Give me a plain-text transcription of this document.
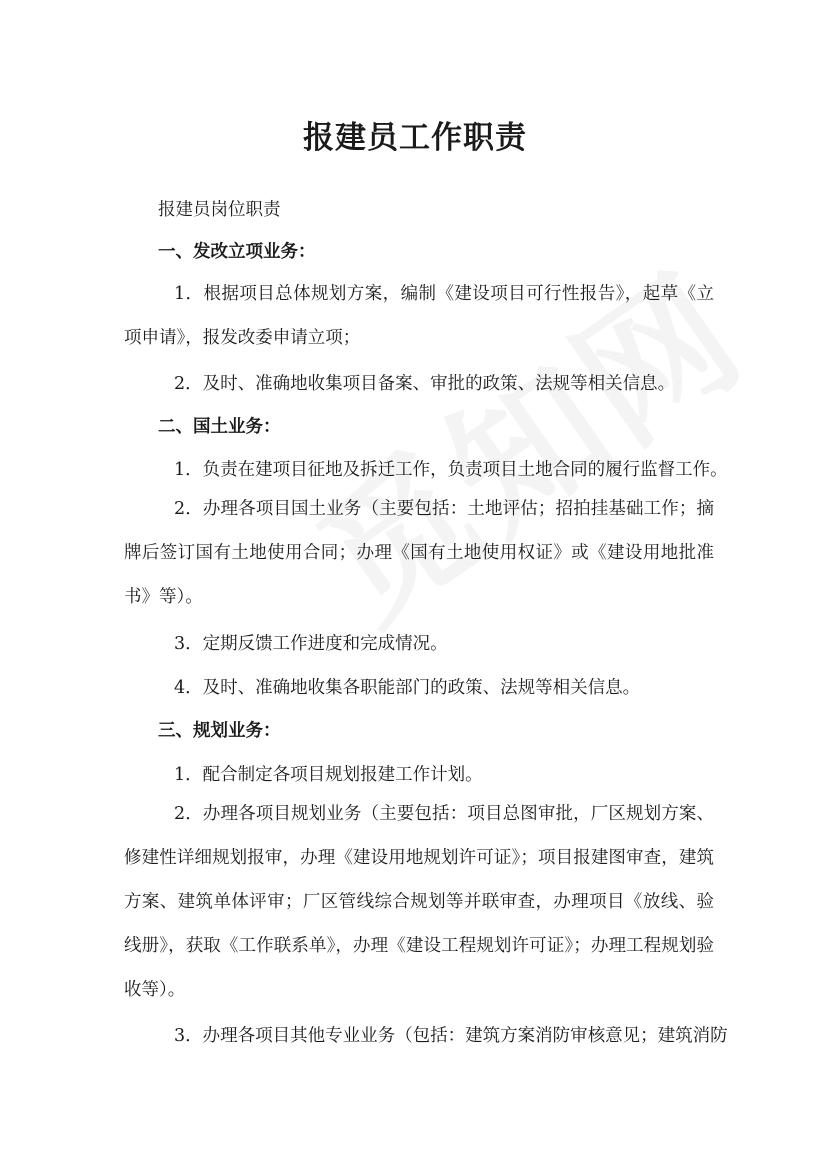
报建员工作职责
报建员岗位职责
一、发改立项业务：
1．根据项目总体规划方案，编制《建设项目可行性报告》，起草《立项申请》，报发改委申请立项；
2．及时、准确地收集项目备案、审批的政策、法规等相关信息。
二、国土业务：
1．负责在建项目征地及拆迁工作，负责项目土地合同的履行监督工作。
2．办理各项目国土业务（主要包括：土地评估；招拍挂基础工作；摘牌后签订国有土地使用合同；办理《国有土地使用权证》或《建设用地批准书》等）。
3．定期反馈工作进度和完成情况。
4．及时、准确地收集各职能部门的政策、法规等相关信息。
三、规划业务：
1．配合制定各项目规划报建工作计划。
2．办理各项目规划业务（主要包括：项目总图审批，厂区规划方案、修建性详细规划报审，办理《建设用地规划许可证》；项目报建图审查，建筑方案、建筑单体评审；厂区管线综合规划等并联审查，办理项目《放线、验线册》，获取《工作联系单》，办理《建设工程规划许可证》；办理工程规划验收等）。
3．办理各项目其他专业业务（包括：建筑方案消防审核意见；建筑消防
